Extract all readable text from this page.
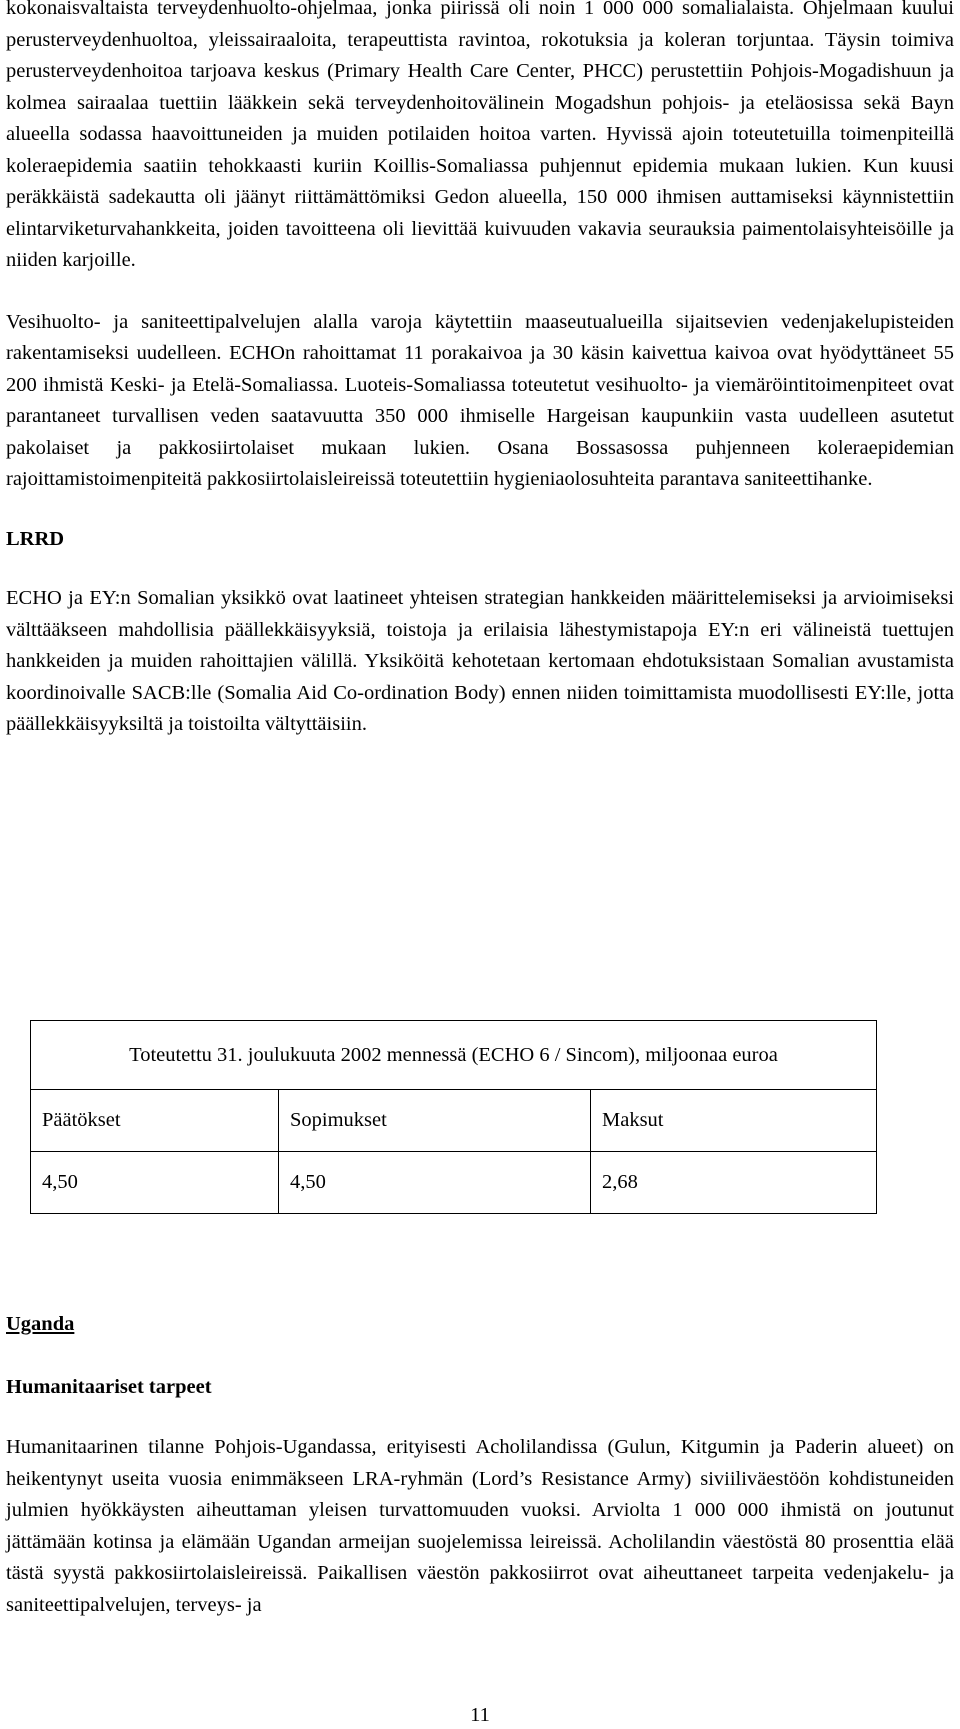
kokonaisvaltaista terveydenhuolto-ohjelmaa, jonka piirissä oli noin 1 000 000 somalialaista. Ohjelmaan kuului perusterveydenhuoltoa, yleissairaaloita, terapeuttista ravintoa, rokotuksia ja koleran torjuntaa. Täysin toimiva perusterveydenhoitoa tarjoava keskus (Primary Health Care Center, PHCC) perustettiin Pohjois-Mogadishuun ja kolmea sairaalaa tuettiin lääkkein sekä terveydenhoitovälinein Mogadshun pohjois- ja eteläosissa sekä Bayn alueella sodassa haavoittuneiden ja muiden potilaiden hoitoa varten. Hyvissä ajoin toteutetuilla toimenpiteillä koleraepidemia saatiin tehokkaasti kuriin Koillis-Somaliassa puhjennut epidemia mukaan lukien. Kun kuusi peräkkäistä sadekautta oli jäänyt riittämättömiksi Gedon alueella, 150 000 ihmisen auttamiseksi käynnistettiin elintarviketurvahankkeita, joiden tavoitteena oli lievittää kuivuuden vakavia seurauksia paimentolaisyhteisöille ja niiden karjoille.

Vesihuolto- ja saniteettipalvelujen alalla varoja käytettiin maaseutualueilla sijaitsevien vedenjakelupisteiden rakentamiseksi uudelleen. ECHOn rahoittamat 11 porakaivoa ja 30 käsin kaivettua kaivoa ovat hyödyttäneet 55 200 ihmistä Keski- ja Etelä-Somaliassa. Luoteis-Somaliassa toteutetut vesihuolto- ja viemäröintitoimenpiteet ovat parantaneet turvallisen veden saatavuutta 350 000 ihmiselle Hargeisan kaupunkiin vasta uudelleen asutetut pakolaiset ja pakkosiirtolaiset mukaan lukien. Osana Bossasossa puhjenneen koleraepidemian rajoittamistoimenpiteitä pakkosiirtolaisleireissä toteutettiin hygieniaolosuhteita parantava saniteettihanke.

LRRD

ECHO ja EY:n Somalian yksikkö ovat laatineet yhteisen strategian hankkeiden määrittelemiseksi ja arvioimiseksi välttääkseen mahdollisia päällekkäisyyksiä, toistoja ja erilaisia lähestymistapoja EY:n eri välineistä tuettujen hankkeiden ja muiden rahoittajien välillä. Yksiköitä kehotetaan kertomaan ehdotuksistaan Somalian avustamista koordinoivalle SACB:lle (Somalia Aid Co-ordination Body) ennen niiden toimittamista muodollisesti EY:lle, jotta päällekkäisyyksiltä ja toistoilta vältyttäisiin.

Toteutettu 31. joulukuuta 2002 mennessä (ECHO 6 / Sincom), miljoonaa euroa		
Päätökset	Sopimukset	Maksut
4,50	4,50	2,68

Uganda

Humanitaariset tarpeet

Humanitaarinen tilanne Pohjois-Ugandassa, erityisesti Acholilandissa (Gulun, Kitgumin ja Paderin alueet) on heikentynyt useita vuosia enimmäkseen LRA-ryhmän (Lord’s Resistance Army) siviiliväestöön kohdistuneiden julmien hyökkäysten aiheuttaman yleisen turvattomuuden vuoksi. Arviolta 1 000 000 ihmistä on joutunut jättämään kotinsa ja elämään Ugandan armeijan suojelemissa leireissä. Acholilandin väestöstä 80 prosenttia elää tästä syystä pakkosiirtolaisleireissä. Paikallisen väestön pakkosiirrot ovat aiheuttaneet tarpeita vedenjakelu- ja saniteettipalvelujen, terveys- ja

11
